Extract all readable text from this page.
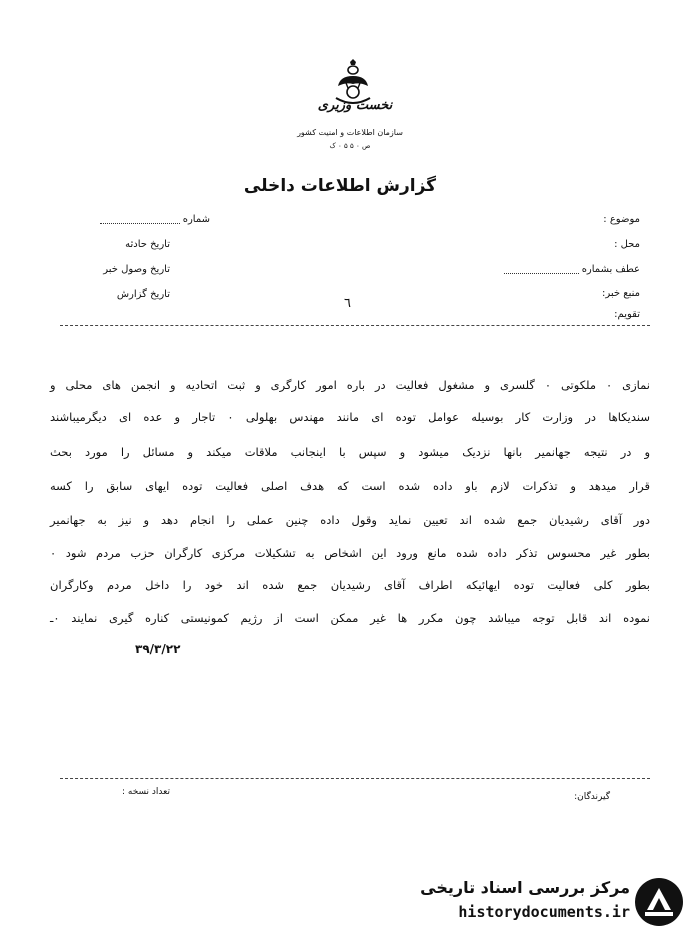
نخست وزیری
سازمان اطلاعات و امنیت کشور
ص ۰ ۵ ۵ ۰ ک
گزارش اطلاعات داخلی
شماره
تاریخ حادثه
تاریخ وصول خبر
تاریخ گزارش
موضوع :
محل :
عطف بشماره
منبع خبر:
تقویم:
٦
نمازی ۰ ملکوتی ۰ گلسری و مشغول فعالیت در باره امور کارگری و ثبت اتحادیه و انجمن های محلی و
سندیکاها در وزارت کار بوسیله عوامل توده ای مانند مهندس بهلولی ۰ تاجار و عده ای دیگرمیباشند
و در نتیجه جهانمیر بانها نزدیک میشود و سپس با اینجانب ملاقات میکند و مسائل را مورد بحث
قرار میدهد و تذکرات لازم باو داده شده است که هدف اصلی فعالیت توده ایهای سابق را کسه
دور آقای رشیدیان جمع شده اند تعیین نماید وقول داده چنین عملی را انجام دهد و نیز به جهانمیر
بطور غیر محسوس تذکر داده شده مانع ورود این اشخاص به تشکیلات مرکزی کارگران حزب مردم شود ۰
بطور کلی فعالیت توده ایهائیکه اطراف آقای رشیدیان جمع شده اند خود را داخل مردم وکارگران
نموده اند قابل توجه میباشد چون مکرر ها غیر ممکن است از رژیم کمونیستی کناره گیری نمایند ۰ـ
۳۹/۳/۲۲
گیرندگان:
تعداد نسخه :
مرکز بررسی اسناد تاریخی
historydocuments.ir
